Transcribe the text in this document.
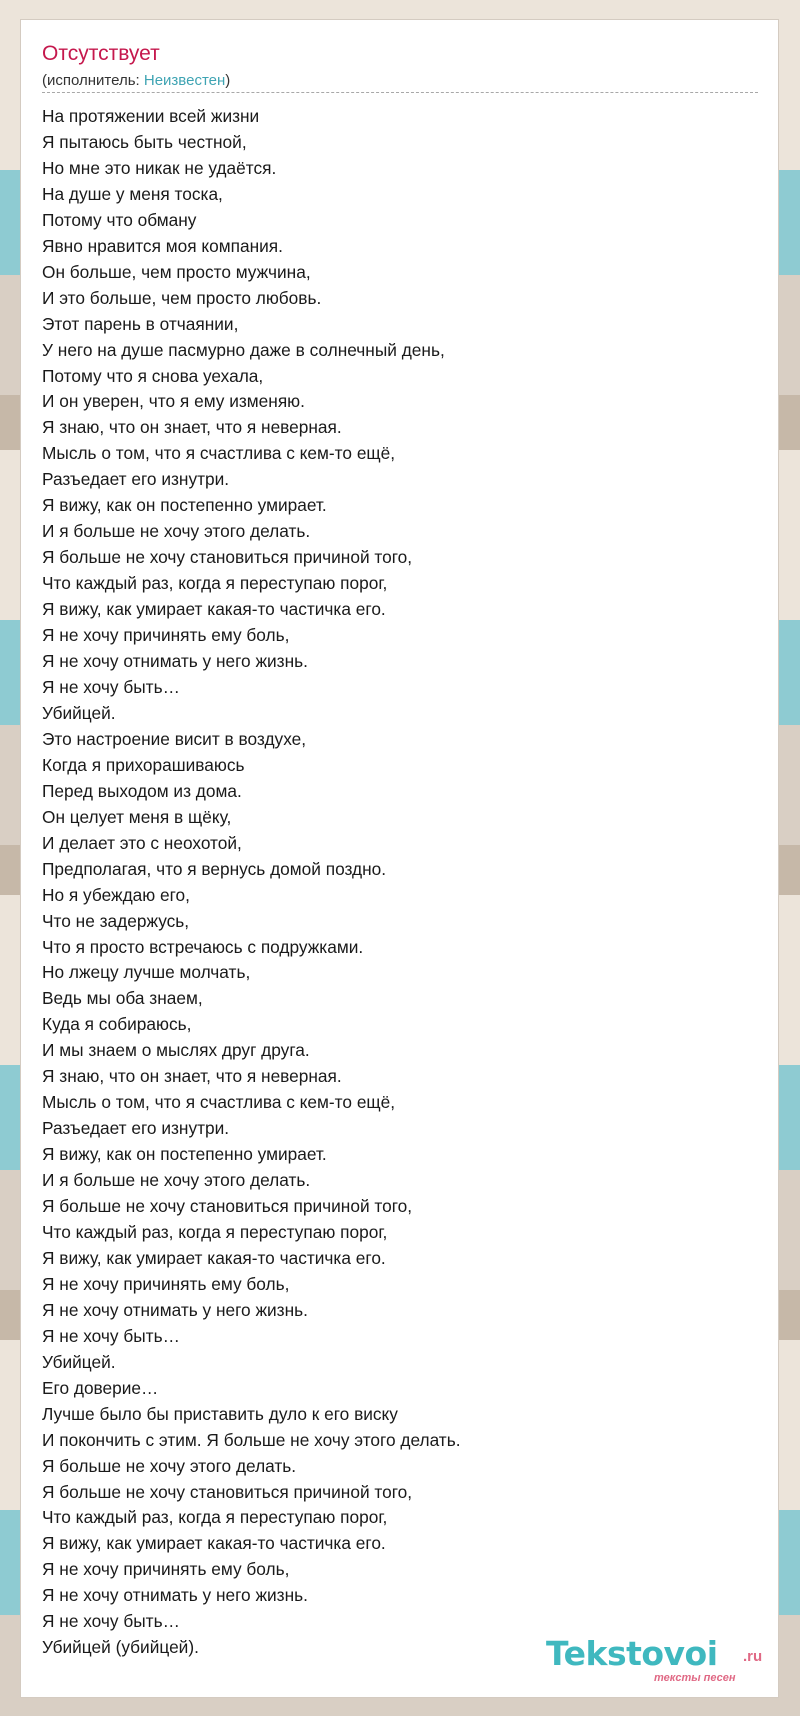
Отсутствует
(исполнитель: Неизвестен)
На протяжении всей жизни
Я пытаюсь быть честной,
Но мне это никак не удаётся.
На душе у меня тоска,
Потому что обману
Явно нравится моя компания.
Он больше, чем просто мужчина,
И это больше, чем просто любовь.
Этот парень в отчаянии,
У него на душе пасмурно даже в солнечный день,
Потому что я снова уехала,
И он уверен, что я ему изменяю.
Я знаю, что он знает, что я неверная.
Мысль о том, что я счастлива с кем-то ещё,
Разъедает его изнутри.
Я вижу, как он постепенно умирает.
И я больше не хочу этого делать.
Я больше не хочу становиться причиной того,
Что каждый раз, когда я переступаю порог,
Я вижу, как умирает какая-то частичка его.
Я не хочу причинять ему боль,
Я не хочу отнимать у него жизнь.
Я не хочу быть…
Убийцей.
Это настроение висит в воздухе,
Когда я прихорашиваюсь
Перед выходом из дома.
Он целует меня в щёку,
И делает это с неохотой,
Предполагая, что я вернусь домой поздно.
Но я убеждаю его,
Что не задержусь,
Что я просто встречаюсь с подружками.
Но лжецу лучше молчать,
Ведь мы оба знаем,
Куда я собираюсь,
И мы знаем о мыслях друг друга.
Я знаю, что он знает, что я неверная.
Мысль о том, что я счастлива с кем-то ещё,
Разъедает его изнутри.
Я вижу, как он постепенно умирает.
И я больше не хочу этого делать.
Я больше не хочу становиться причиной того,
Что каждый раз, когда я переступаю порог,
Я вижу, как умирает какая-то частичка его.
Я не хочу причинять ему боль,
Я не хочу отнимать у него жизнь.
Я не хочу быть…
Убийцей.
Его доверие…
Лучше было бы приставить дуло к его виску
И покончить с этим. Я больше не хочу этого делать.
Я больше не хочу этого делать.
Я больше не хочу становиться причиной того,
Что каждый раз, когда я переступаю порог,
Я вижу, как умирает какая-то частичка его.
Я не хочу причинять ему боль,
Я не хочу отнимать у него жизнь.
Я не хочу быть…
Убийцей (убийцей).	Tekstovoi .ru
тексты песен
